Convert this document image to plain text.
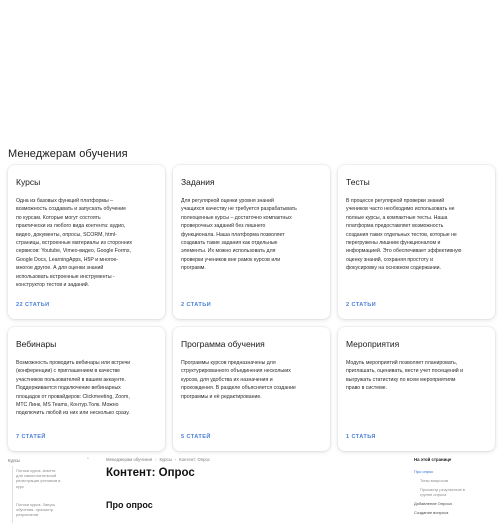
Менеджерам обучения
Курсы
Одна из базовых функций платформы –
возможность создавать и запускать обучение
по курсам. Которые могут состоять
практически из любого вида контента: аудио,
видео, документы, опросы, SCORM, html-
страницы, встроенные материалы из сторонних
сервисов: Youtube, Vimeo-видео, Google Forms,
Google Docs, LearningApps, H5P и многое-
многое другое. А для оценки знаний
использовать встроенные инструменты -
конструктор тестов и заданий.
22 СТАТЬИ
Задания
Для регулярной оценки уровня знаний
учащихся качеству не требуется разрабатывать
полноценные курсы – достаточно компактных
проверочных заданий без лишнего
функционала. Наша платформа позволяет
создавать такие задания как отдельные
элементы. Их можно использовать для
проверки учеников вне рамок курсов или
программ.
2 СТАТЬИ
Тесты
В процессе регулярной проверки знаний
учеников часто необходимо использовать не
полные курсы, а компактные тесты. Наша
платформа предоставляет возможность
создания таких отдельных тестов, которые не
перегружены лишним функционалом и
информацией. Это обеспечивает эффективную
оценку знаний, сохраняя простоту и
фокусировку на основном содержании.
2 СТАТЬИ
Вебинары
Возможность проводить вебинары или встречи
(конференции) с приглашением в качестве
участников пользователей в вашем аккаунте.
Поддерживается подключение вебинарных
площадок от провайдеров: Clickmeeting, Zoom,
МТС Линк, MS Teams, Контур.Толк. Можно
подключить любой из них или несколько сразу.
7 СТАТЕЙ
Программа обучения
Программы курсов предназначены для
структурированного объединения нескольких
курсов, для удобства их назначения и
прохождения. В разделе объясняется создание
программы и её редактирование.
5 СТАТЕЙ
Мероприятия
Модуль мероприятий позволяет планировать,
приглашать, оценивать, вести учет посещений и
выгружать статистику по всем мероприятиям
право в системе.
1 СТАТЬЯ
Курсы	⌃
Потоки курса: Анкета
для самостоятельной
регистрации учеников в
курс
Потоки курса: Запуск
обучения, просмотр
результатов
Менеджерам обучения › Курсы › Контент: Опрос
Контент: Опрос
Про опрос
На этой странице
Про опрос
Типы вопросов
Просмотр результатов в
группе опроса
Добавление Опроса
Создание вопроса
